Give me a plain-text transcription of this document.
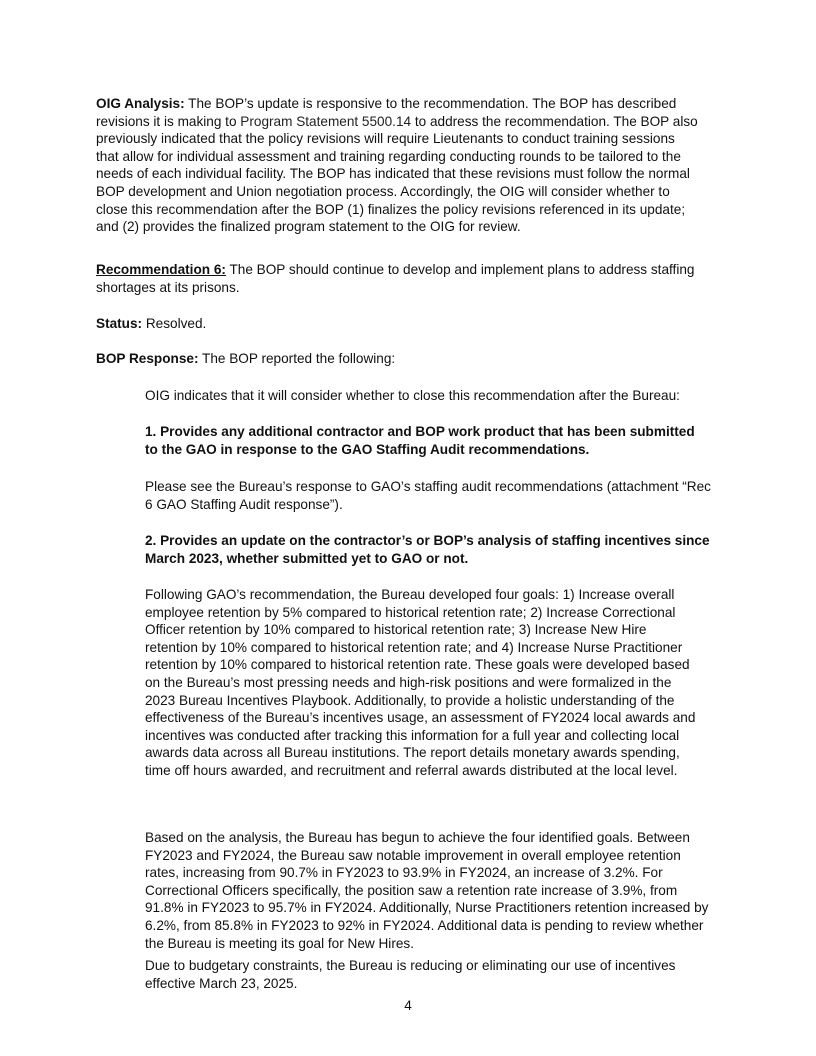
OIG Analysis: The BOP’s update is responsive to the recommendation. The BOP has described
revisions it is making to Program Statement 5500.14 to address the recommendation. The BOP also
previously indicated that the policy revisions will require Lieutenants to conduct training sessions
that allow for individual assessment and training regarding conducting rounds to be tailored to the
needs of each individual facility. The BOP has indicated that these revisions must follow the normal
BOP development and Union negotiation process. Accordingly, the OIG will consider whether to
close this recommendation after the BOP (1) finalizes the policy revisions referenced in its update;
and (2) provides the finalized program statement to the OIG for review.
Recommendation 6: The BOP should continue to develop and implement plans to address staffing
shortages at its prisons.
Status: Resolved.
BOP Response: The BOP reported the following:
OIG indicates that it will consider whether to close this recommendation after the Bureau:
1. Provides any additional contractor and BOP work product that has been submitted
to the GAO in response to the GAO Staffing Audit recommendations.
Please see the Bureau’s response to GAO’s staffing audit recommendations (attachment “Rec
6 GAO Staffing Audit response”).
2. Provides an update on the contractor’s or BOP’s analysis of staffing incentives since
March 2023, whether submitted yet to GAO or not.
Following GAO’s recommendation, the Bureau developed four goals: 1) Increase overall
employee retention by 5% compared to historical retention rate; 2) Increase Correctional
Officer retention by 10% compared to historical retention rate; 3) Increase New Hire
retention by 10% compared to historical retention rate; and 4) Increase Nurse Practitioner
retention by 10% compared to historical retention rate. These goals were developed based
on the Bureau’s most pressing needs and high-risk positions and were formalized in the
2023 Bureau Incentives Playbook. Additionally, to provide a holistic understanding of the
effectiveness of the Bureau’s incentives usage, an assessment of FY2024 local awards and
incentives was conducted after tracking this information for a full year and collecting local
awards data across all Bureau institutions. The report details monetary awards spending,
time off hours awarded, and recruitment and referral awards distributed at the local level.
Based on the analysis, the Bureau has begun to achieve the four identified goals. Between
FY2023 and FY2024, the Bureau saw notable improvement in overall employee retention
rates, increasing from 90.7% in FY2023 to 93.9% in FY2024, an increase of 3.2%. For
Correctional Officers specifically, the position saw a retention rate increase of 3.9%, from
91.8% in FY2023 to 95.7% in FY2024. Additionally, Nurse Practitioners retention increased by
6.2%, from 85.8% in FY2023 to 92% in FY2024. Additional data is pending to review whether
the Bureau is meeting its goal for New Hires.
Due to budgetary constraints, the Bureau is reducing or eliminating our use of incentives
effective March 23, 2025.
4
